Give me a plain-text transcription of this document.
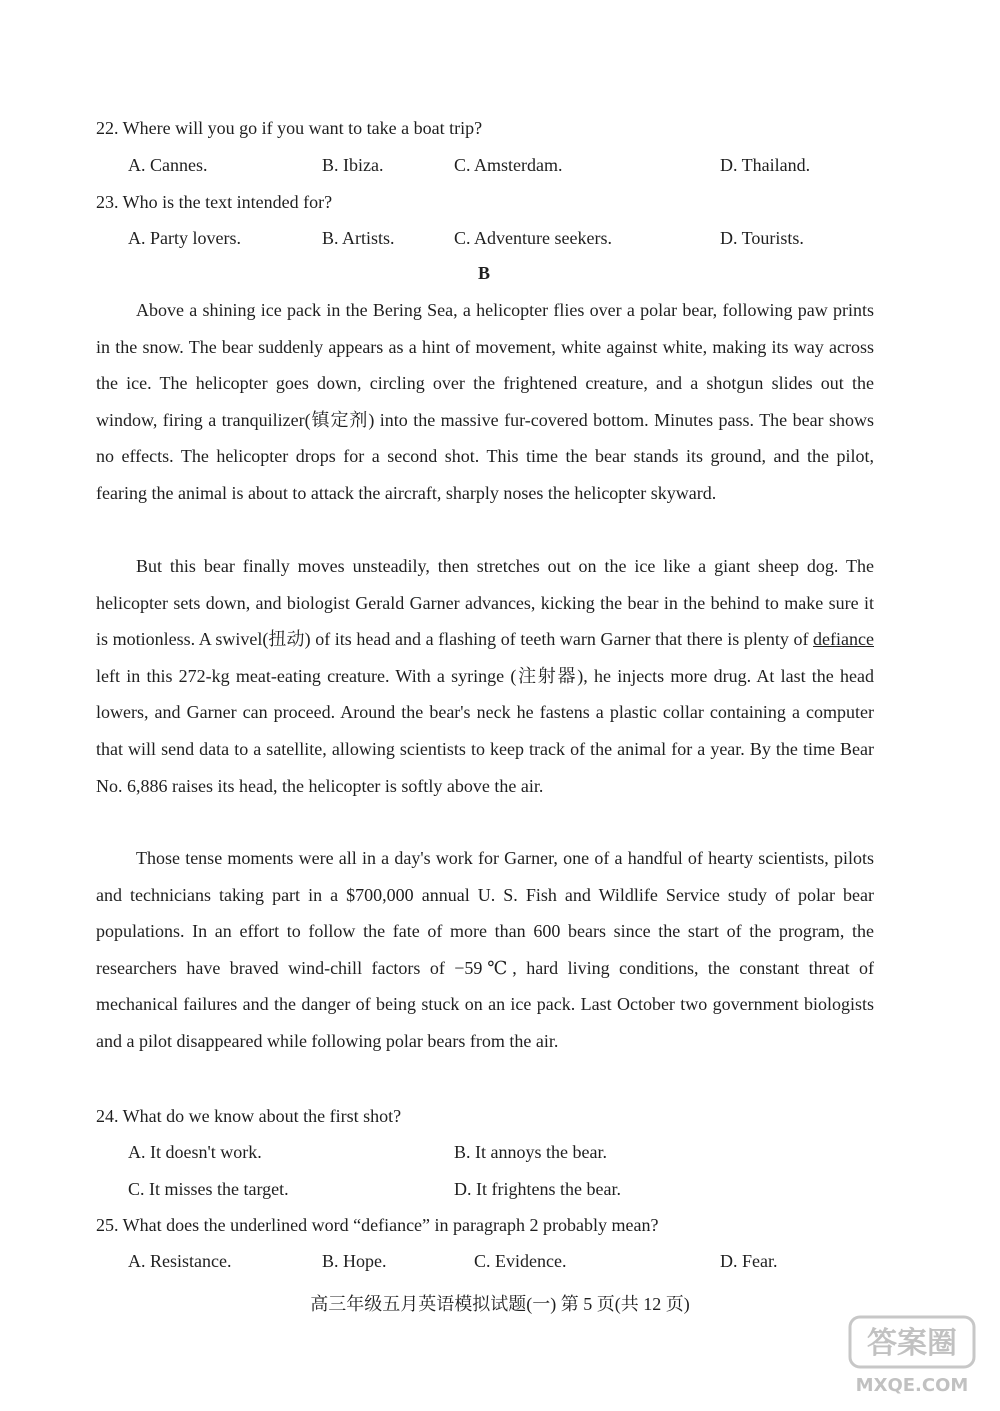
22. Where will you go if you want to take a boat trip?
A. Cannes.	B. Ibiza.	C. Amsterdam.	D. Thailand.
23. Who is the text intended for?
A. Party lovers.	B. Artists.	C. Adventure seekers.	D. Tourists.
B

Above a shining ice pack in the Bering Sea, a helicopter flies over a polar bear, following paw prints in the snow. The bear suddenly appears as a hint of movement, white against white, making its way across the ice. The helicopter goes down, circling over the frightened creature, and a shotgun slides out the window, firing a tranquilizer(镇定剂) into the massive fur-covered bottom. Minutes pass. The bear shows no effects. The helicopter drops for a second shot. This time the bear stands its ground, and the pilot, fearing the animal is about to attack the aircraft, sharply noses the helicopter skyward.

But this bear finally moves unsteadily, then stretches out on the ice like a giant sheep dog. The helicopter sets down, and biologist Gerald Garner advances, kicking the bear in the behind to make sure it is motionless. A swivel(扭动) of its head and a flashing of teeth warn Garner that there is plenty of defiance left in this 272-kg meat-eating creature. With a syringe (注射器), he injects more drug. At last the head lowers, and Garner can proceed. Around the bear's neck he fastens a plastic collar containing a computer that will send data to a satellite, allowing scientists to keep track of the animal for a year. By the time Bear No. 6,886 raises its head, the helicopter is softly above the air.

Those tense moments were all in a day's work for Garner, one of a handful of hearty scientists, pilots and technicians taking part in a $700,000 annual U. S. Fish and Wildlife Service study of polar bear populations. In an effort to follow the fate of more than 600 bears since the start of the program, the researchers have braved wind-chill factors of −59℃, hard living conditions, the constant threat of mechanical failures and the danger of being stuck on an ice pack. Last October two government biologists and a pilot disappeared while following polar bears from the air.

24. What do we know about the first shot?
A. It doesn't work.	B. It annoys the bear.
C. It misses the target.	D. It frightens the bear.
25. What does the underlined word “defiance” in paragraph 2 probably mean?
A. Resistance.	B. Hope.	C. Evidence.	D. Fear.
高三年级五月英语模拟试题(一) 第 5 页(共 12 页)
答案圈
MXQE.COM
